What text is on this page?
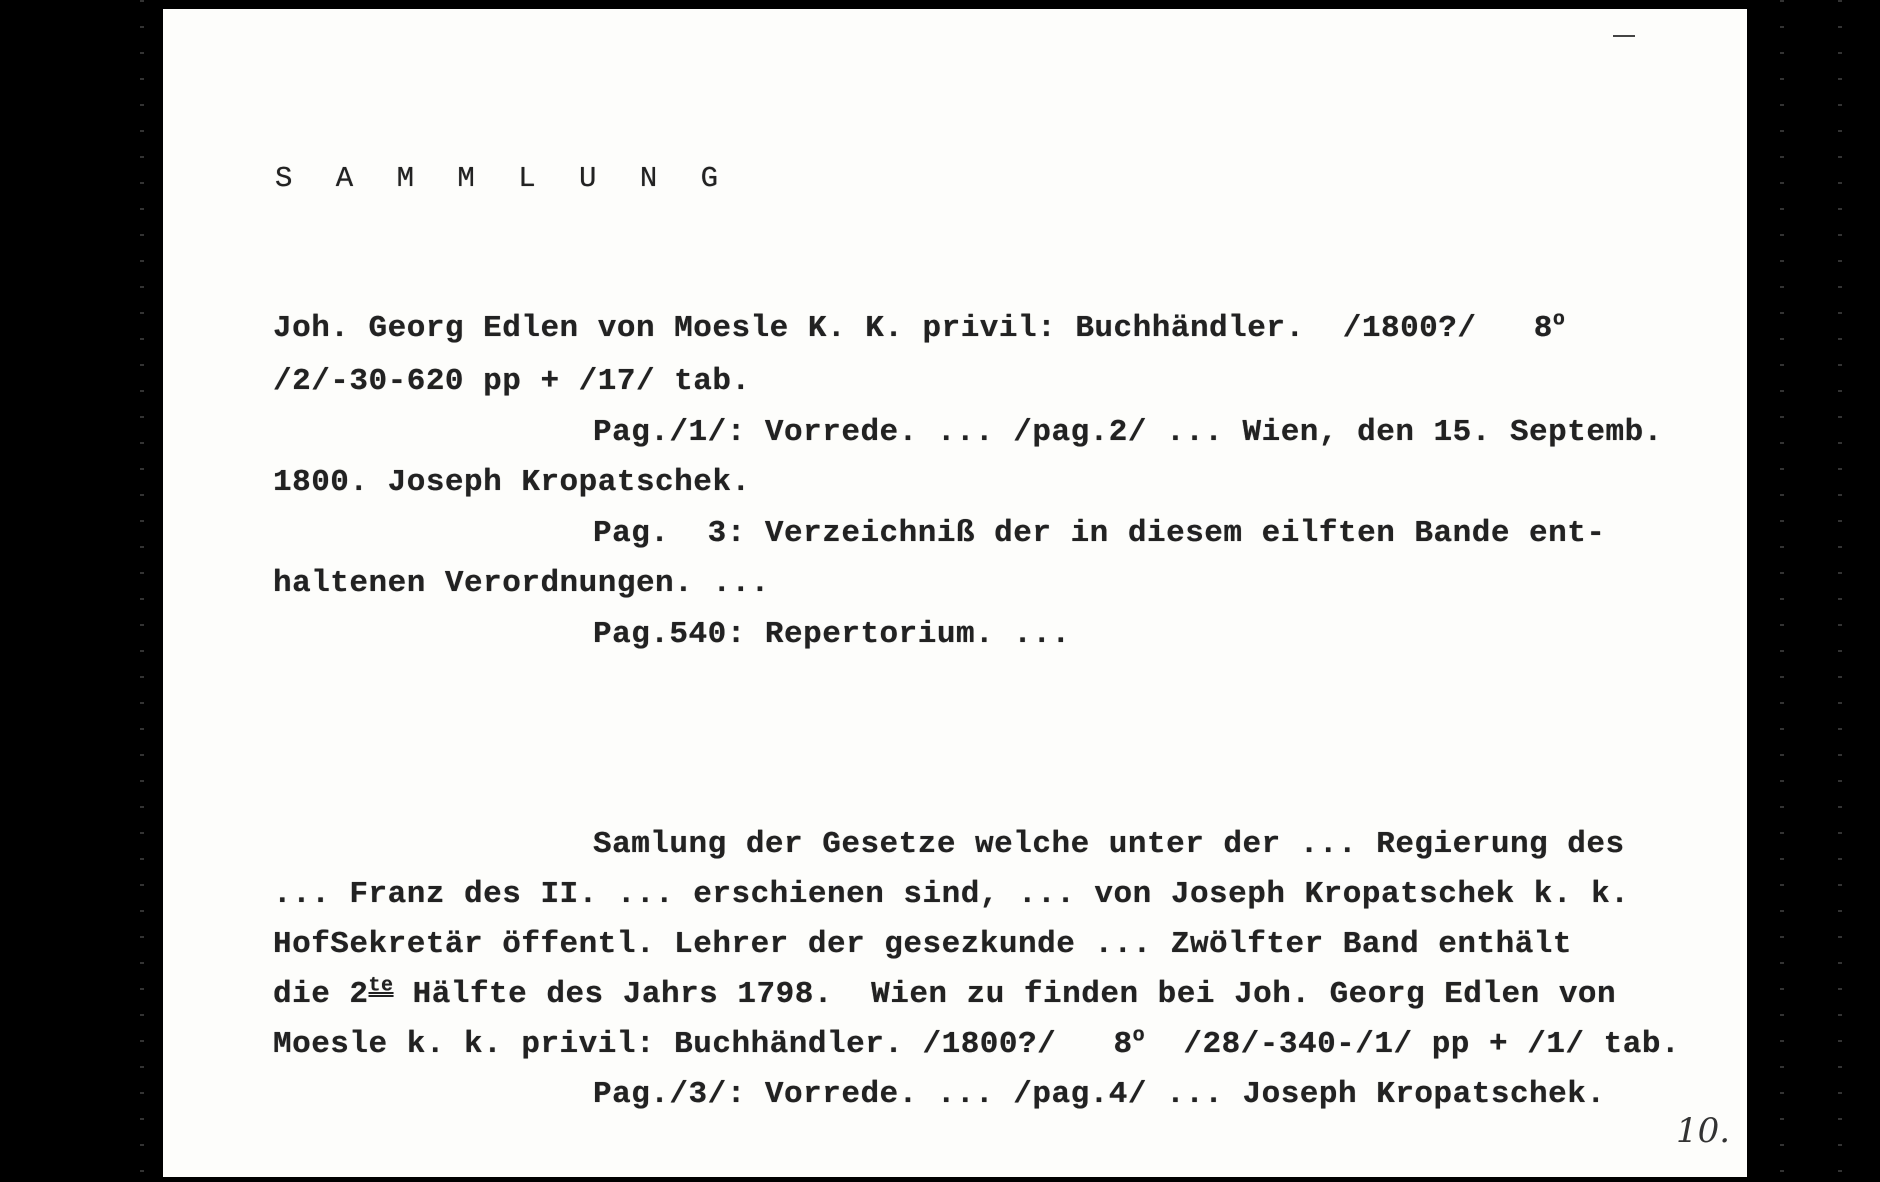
S A M M L U N G
Joh. Georg Edlen von Moesle K. K. privil: Buchhändler.  /1800?/   8$^o$
/2/-30-620 pp + /17/ tab.
Pag./1/: Vorrede. ... /pag.2/ ... Wien, den 15. Septemb.
1800. Joseph Kropatschek.
Pag.  3: Verzeichniß der in diesem eilften Bande ent-
haltenen Verordnungen. ...
Pag.540: Repertorium. ...
Samlung der Gesetze welche unter der ... Regierung des
... Franz des II. ... erschienen sind, ... von Joseph Kropatschek k. k.
HofSekretär öffentl. Lehrer der gesezkunde ... Zwölfter Band enthält
die $2^{te}$ Hälfte des Jahrs 1798.  Wien zu finden bei Joh. Georg Edlen von
Moesle k. k. privil: Buchhändler. /1800?/   8$^o$  /28/-340-/1/ pp + /1/ tab.
Pag./3/: Vorrede. ... /pag.4/ ... Joseph Kropatschek.
10.
